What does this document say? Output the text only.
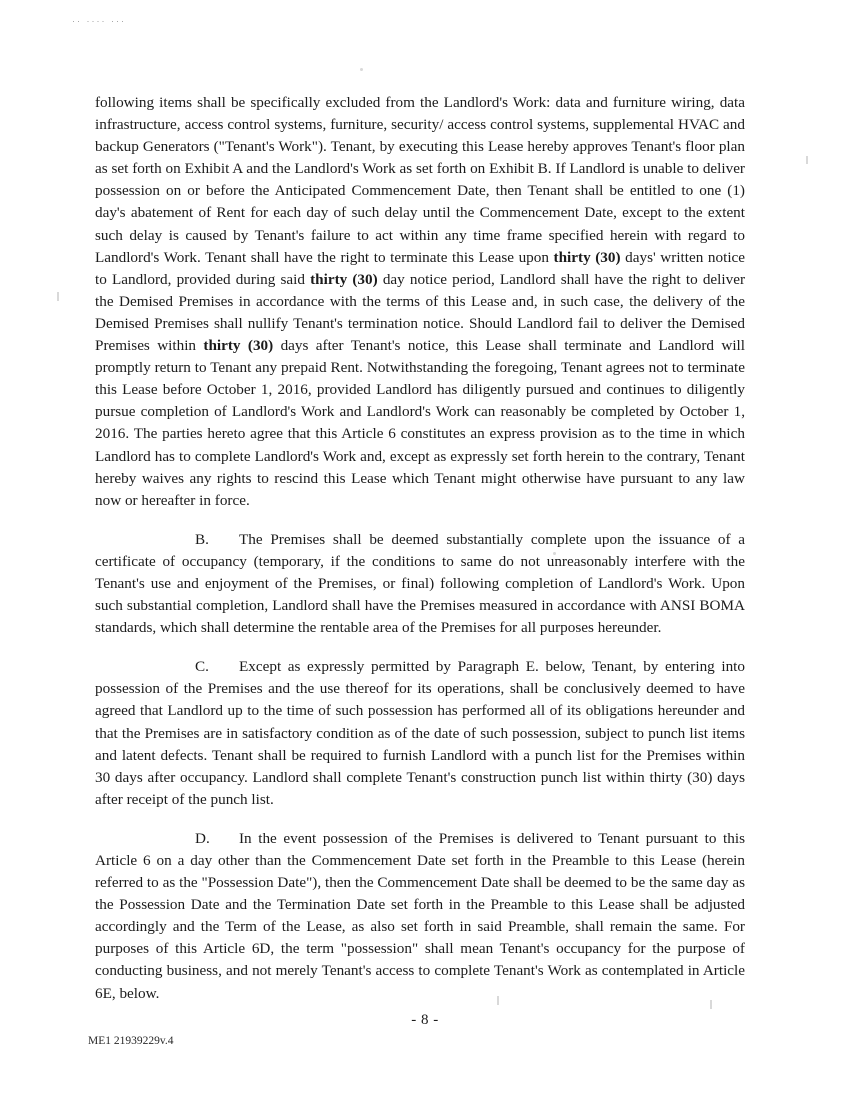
·· ···· ···

following items shall be specifically excluded from the Landlord's Work: data and furniture wiring, data infrastructure, access control systems, furniture, security/ access control systems, supplemental HVAC and backup Generators ("Tenant's Work"). Tenant, by executing this Lease hereby approves Tenant's floor plan as set forth on Exhibit A and the Landlord's Work as set forth on Exhibit B. If Landlord is unable to deliver possession on or before the Anticipated Commencement Date, then Tenant shall be entitled to one (1) day's abatement of Rent for each day of such delay until the Commencement Date, except to the extent such delay is caused by Tenant's failure to act within any time frame specified herein with regard to Landlord's Work. Tenant shall have the right to terminate this Lease upon thirty (30) days' written notice to Landlord, provided during said thirty (30) day notice period, Landlord shall have the right to deliver the Demised Premises in accordance with the terms of this Lease and, in such case, the delivery of the Demised Premises shall nullify Tenant's termination notice. Should Landlord fail to deliver the Demised Premises within thirty (30) days after Tenant's notice, this Lease shall terminate and Landlord will promptly return to Tenant any prepaid Rent. Notwithstanding the foregoing, Tenant agrees not to terminate this Lease before October 1, 2016, provided Landlord has diligently pursued and continues to diligently pursue completion of Landlord's Work and Landlord's Work can reasonably be completed by October 1, 2016. The parties hereto agree that this Article 6 constitutes an express provision as to the time in which Landlord has to complete Landlord's Work and, except as expressly set forth herein to the contrary, Tenant hereby waives any rights to rescind this Lease which Tenant might otherwise have pursuant to any law now or hereafter in force.

B. The Premises shall be deemed substantially complete upon the issuance of a certificate of occupancy (temporary, if the conditions to same do not unreasonably interfere with the Tenant's use and enjoyment of the Premises, or final) following completion of Landlord's Work. Upon such substantial completion, Landlord shall have the Premises measured in accordance with ANSI BOMA standards, which shall determine the rentable area of the Premises for all purposes hereunder.

C. Except as expressly permitted by Paragraph E. below, Tenant, by entering into possession of the Premises and the use thereof for its operations, shall be conclusively deemed to have agreed that Landlord up to the time of such possession has performed all of its obligations hereunder and that the Premises are in satisfactory condition as of the date of such possession, subject to punch list items and latent defects. Tenant shall be required to furnish Landlord with a punch list for the Premises within 30 days after occupancy. Landlord shall complete Tenant's construction punch list within thirty (30) days after receipt of the punch list.

D. In the event possession of the Premises is delivered to Tenant pursuant to this Article 6 on a day other than the Commencement Date set forth in the Preamble to this Lease (herein referred to as the "Possession Date"), then the Commencement Date shall be deemed to be the same day as the Possession Date and the Termination Date set forth in the Preamble to this Lease shall be adjusted accordingly and the Term of the Lease, as also set forth in said Preamble, shall remain the same. For purposes of this Article 6D, the term "possession" shall mean Tenant's occupancy for the purpose of conducting business, and not merely Tenant's access to complete Tenant's Work as contemplated in Article 6E, below.

- 8 -
ME1 21939229v.4
